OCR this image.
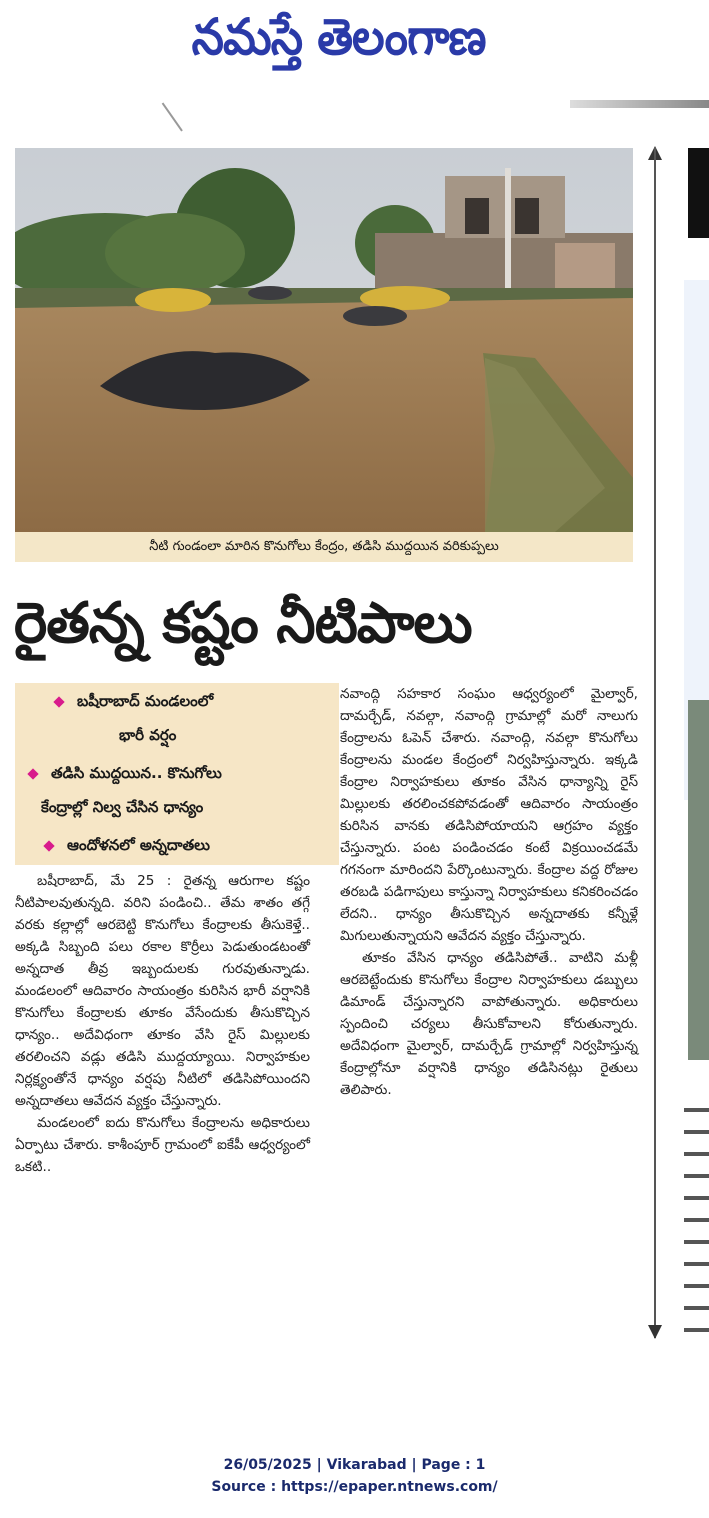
నమస్తే తెలంగాణ
నీటి గుండంలా మారిన కొనుగోలు కేంద్రం, తడిసి ముద్దయిన వరికుప్పలు
రైతన్న కష్టం నీటిపాలు
బషీరాబాద్ మండలంలో
భారీ వర్షం
తడిసి ముద్దయిన.. కొనుగోలు
కేంద్రాల్లో నిల్వ చేసిన ధాన్యం
ఆందోళనలో అన్నదాతలు

బషీరాబాద్, మే 25 : రైతన్న ఆరుగాల కష్టం నీటిపాలవుతున్నది. వరిని పండించి.. తేమ శాతం తగ్గే వరకు కల్లాల్లో ఆరబెట్టి కొనుగోలు కేంద్రాలకు తీసుకెళ్తే.. అక్కడి సిబ్బంది పలు రకాల కొర్రీలు పెడుతుండటంతో అన్నదాత తీవ్ర ఇబ్బందులకు గురవుతున్నాడు. మండలంలో ఆదివారం సాయంత్రం కురిసిన భారీ వర్షానికి కొనుగోలు కేంద్రాలకు తూకం వేసేందుకు తీసుకొచ్చిన ధాన్యం.. అదేవిధంగా తూకం వేసి రైస్ మిల్లులకు తరలించని వడ్లు తడిసి ముద్దయ్యాయి. నిర్వాహకుల నిర్లక్ష్యంతోనే ధాన్యం వర్షపు నీటిలో తడిసిపోయిందని అన్నదాతలు ఆవేదన వ్యక్తం చేస్తున్నారు.

మండలంలో ఐదు కొనుగోలు కేంద్రాలను అధికారులు ఏర్పాటు చేశారు. కాశీంపూర్ గ్రామంలో ఐకేపీ ఆధ్వర్యంలో ఒకటి..

నవాంద్గి సహకార సంఘం ఆధ్వర్యంలో మైల్వార్, దామర్చేడ్, నవల్గా, నవాంద్గి గ్రామాల్లో మరో నాలుగు కేంద్రాలను ఓపెన్ చేశారు. నవాంద్గి, నవల్గా కొనుగోలు కేంద్రాలను మండల కేంద్రంలో నిర్వహిస్తున్నారు. ఇక్కడి కేంద్రాల నిర్వాహకులు తూకం వేసిన ధాన్యాన్ని రైస్ మిల్లులకు తరలించకపోవడంతో ఆదివారం సాయంత్రం కురిసిన వానకు తడిసిపోయాయని ఆగ్రహం వ్యక్తం చేస్తున్నారు. పంట పండించడం కంటే విక్రయించడమే గగనంగా మారిందని పేర్కొంటున్నారు. కేంద్రాల వద్ద రోజుల తరబడి పడిగాపులు కాస్తున్నా నిర్వాహకులు కనికరించడం లేదని.. ధాన్యం తీసుకొచ్చిన అన్నదాతకు కన్నీళ్లే మిగులుతున్నాయని ఆవేదన వ్యక్తం చేస్తున్నారు.

తూకం వేసిన ధాన్యం తడిసిపోతే.. వాటిని మళ్లీ ఆరబెట్టేందుకు కొనుగోలు కేంద్రాల నిర్వాహకులు డబ్బులు డిమాండ్ చేస్తున్నారని వాపోతున్నారు. అధికారులు స్పందించి చర్యలు తీసుకోవాలని కోరుతున్నారు. అదేవిధంగా మైల్వార్, దామర్చేడ్ గ్రామాల్లో నిర్వహిస్తున్న కేంద్రాల్లోనూ వర్షానికి ధాన్యం తడిసినట్లు రైతులు తెలిపారు.

26/05/2025 | Vikarabad | Page : 1
Source : https://epaper.ntnews.com/
